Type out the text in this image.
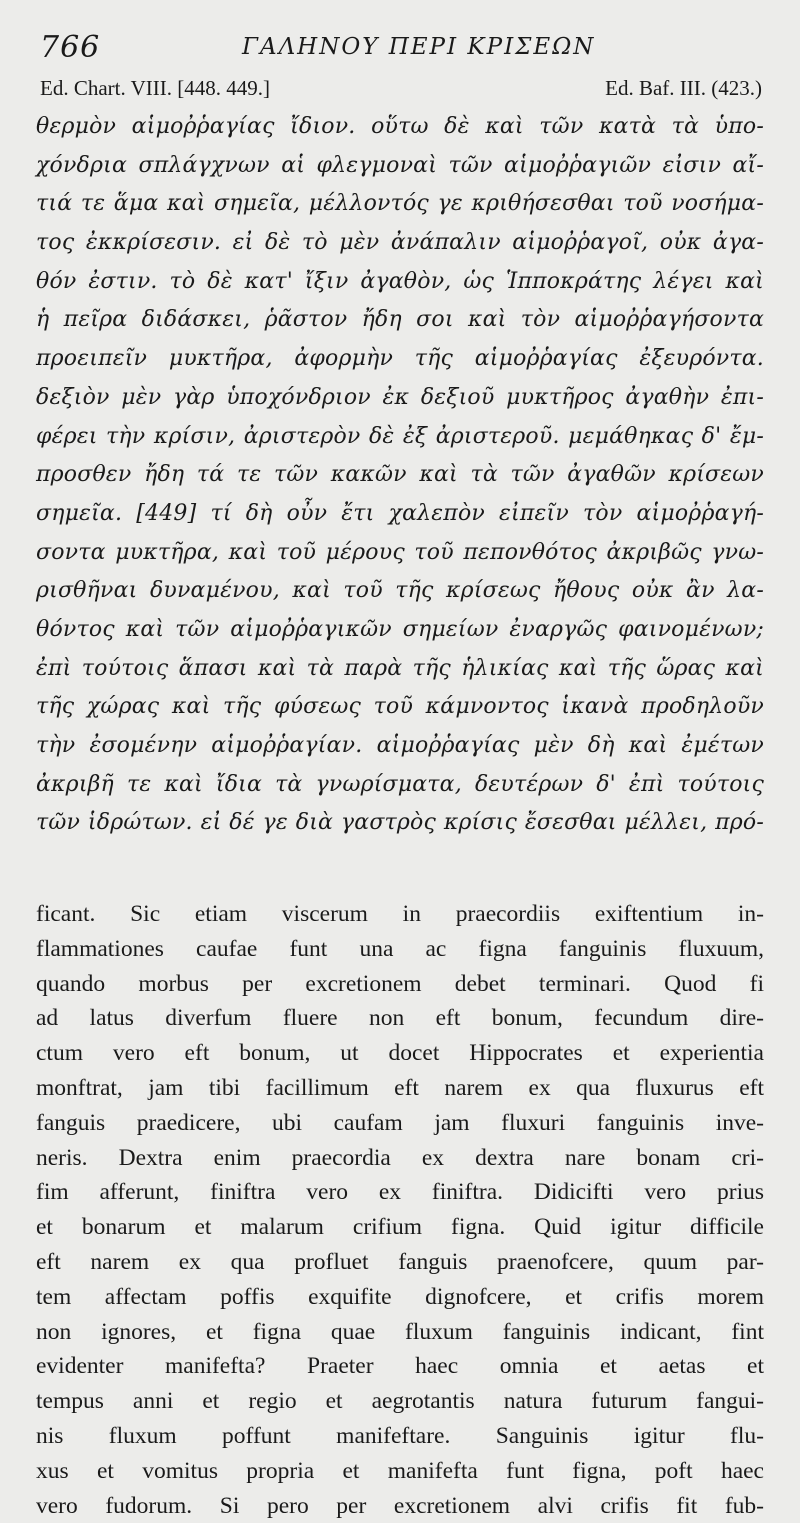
766	ΓΑΛΗΝΟΥ ΠΕΡΙ ΚΡΙΣΕΩΝ
Ed. Chart. VIII. [448. 449.]	Ed. Baf. III. (423.)
θερμὸν αἱμοῤῥαγίας ἴδιον. οὕτω δὲ καὶ τῶν κατὰ τὰ ὑπο-
χόνδρια σπλάγχνων αἱ φλεγμοναὶ τῶν αἱμοῤῥαγιῶν εἰσιν αἴ-
τιά τε ἅμα καὶ σημεῖα, μέλλοντός γε κριθήσεσθαι τοῦ νοσήμα-
τος ἐκκρίσεσιν. εἰ δὲ τὸ μὲν ἀνάπαλιν αἱμοῤῥαγοῖ, οὐκ ἀγα-
θόν ἐστιν. τὸ δὲ κατ' ἴξιν ἀγαθὸν, ὡς Ἱπποκράτης λέγει καὶ
ἡ πεῖρα διδάσκει, ῥᾶστον ἤδη σοι καὶ τὸν αἱμοῤῥαγήσοντα
προειπεῖν μυκτῆρα, ἀφορμὴν τῆς αἱμοῤῥαγίας ἐξευρόντα.
δεξιὸν μὲν γὰρ ὑποχόνδριον ἐκ δεξιοῦ μυκτῆρος ἀγαθὴν ἐπι-
φέρει τὴν κρίσιν, ἀριστερὸν δὲ ἐξ ἀριστεροῦ. μεμάθηκας δ' ἔμ-
προσθεν ἤδη τά τε τῶν κακῶν καὶ τὰ τῶν ἀγαθῶν κρίσεων
σημεῖα. [449] τί δὴ οὖν ἔτι χαλεπὸν εἰπεῖν τὸν αἱμοῤῥαγή-
σοντα μυκτῆρα, καὶ τοῦ μέρους τοῦ πεπονθότος ἀκριβῶς γνω-
ρισθῆναι δυναμένου, καὶ τοῦ τῆς κρίσεως ἤθους οὐκ ἂν λα-
θόντος καὶ τῶν αἱμοῤῥαγικῶν σημείων ἐναργῶς φαινομένων;
ἐπὶ τούτοις ἅπασι καὶ τὰ παρὰ τῆς ἡλικίας καὶ τῆς ὥρας καὶ
τῆς χώρας καὶ τῆς φύσεως τοῦ κάμνοντος ἱκανὰ προδηλοῦν
τὴν ἐσομένην αἱμοῤῥαγίαν. αἱμοῤῥαγίας μὲν δὴ καὶ ἐμέτων
ἀκριβῆ τε καὶ ἴδια τὰ γνωρίσματα, δευτέρων δ' ἐπὶ τούτοις
τῶν ἱδρώτων. εἰ δέ γε διὰ γαστρὸς κρίσις ἔσεσθαι μέλλει, πρό-
ficant. Sic etiam viscerum in praecordiis exiftentium in-
flammationes caufae funt una ac figna fanguinis fluxuum,
quando morbus per excretionem debet terminari. Quod fi
ad latus diverfum fluere non eft bonum, fecundum dire-
ctum vero eft bonum, ut docet Hippocrates et experientia
monftrat, jam tibi facillimum eft narem ex qua fluxurus eft
fanguis praedicere, ubi caufam jam fluxuri fanguinis inve-
neris. Dextra enim praecordia ex dextra nare bonam cri-
fim afferunt, finiftra vero ex finiftra. Didicifti vero prius
et bonarum et malarum crifium figna. Quid igitur difficile
eft narem ex qua profluet fanguis praenofcere, quum par-
tem affectam poffis exquifite dignofcere, et crifis morem
non ignores, et figna quae fluxum fanguinis indicant, fint
evidenter manifefta? Praeter haec omnia et aetas et
tempus anni et regio et aegrotantis natura futurum fangui-
nis fluxum poffunt manifeftare. Sanguinis igitur flu-
xus et vomitus propria et manifefta funt figna, poft haec
vero fudorum. Si pero per excretionem alvi crifis fit fub-
